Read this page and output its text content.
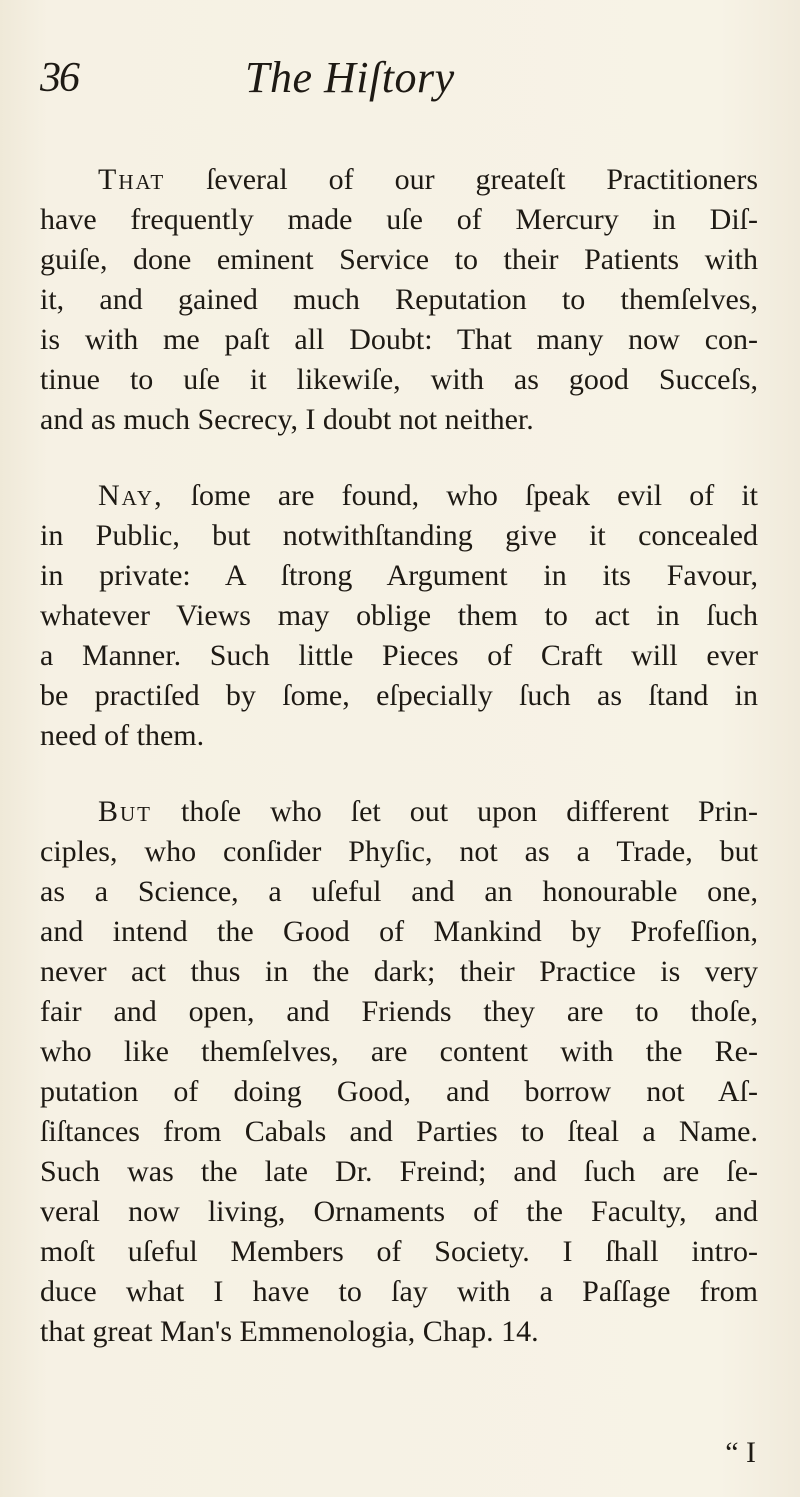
36	The Hiſtory

That ſeveral of our greateſt Practitioners
have frequently made uſe of Mercury in Diſ-
guiſe, done eminent Service to their Patients with
it, and gained much Reputation to themſelves,
is with me paſt all Doubt: That many now con-
tinue to uſe it likewiſe, with as good Succeſs,
and as much Secrecy, I doubt not neither.

Nay, ſome are found, who ſpeak evil of it
in Public, but notwithſtanding give it concealed
in private: A ſtrong Argument in its Favour,
whatever Views may oblige them to act in ſuch
a Manner. Such little Pieces of Craft will ever
be practiſed by ſome, eſpecially ſuch as ſtand in
need of them.

But thoſe who ſet out upon different Prin-
ciples, who conſider Phyſic, not as a Trade, but
as a Science, a uſeful and an honourable one,
and intend the Good of Mankind by Profeſſion,
never act thus in the dark; their Practice is very
fair and open, and Friends they are to thoſe,
who like themſelves, are content with the Re-
putation of doing Good, and borrow not Aſ-
ſiſtances from Cabals and Parties to ſteal a Name.
Such was the late Dr. Freind; and ſuch are ſe-
veral now living, Ornaments of the Faculty, and
moſt uſeful Members of Society. I ſhall intro-
duce what I have to ſay with a Paſſage from
that great Man's Emmenologia, Chap. 14.

“ I
